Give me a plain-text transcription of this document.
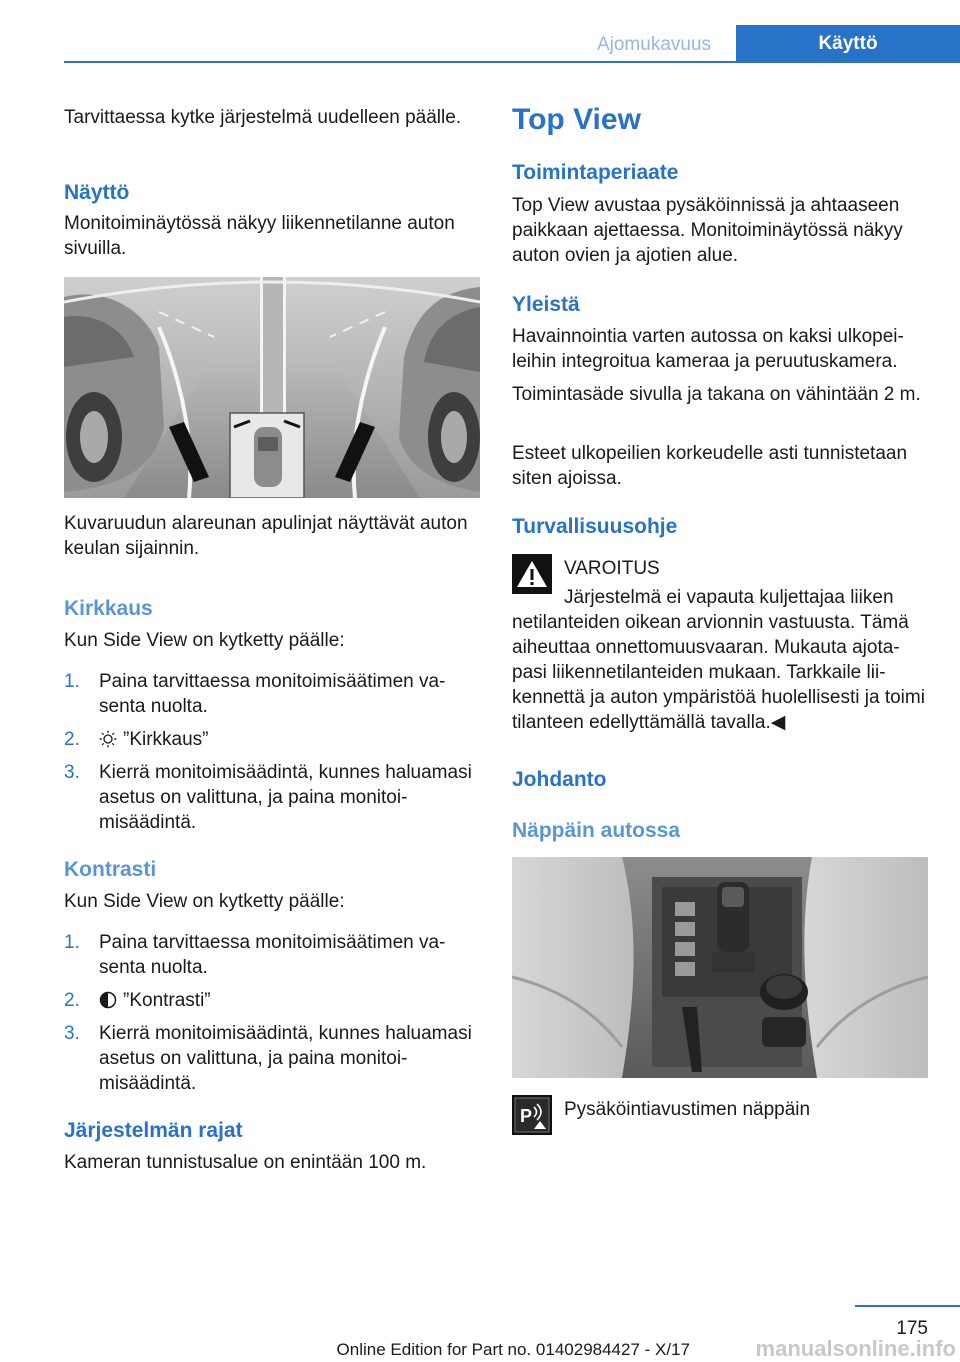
Ajomukavuus	Käyttö
Tarvittaessa kytke järjestelmä uudelleen päälle.
Näyttö
Monitoiminäytössä näkyy liikennetilanne auton sivuilla.
Kuvaruudun alareunan apulinjat näyttävät auton keulan sijainnin.
Kirkkaus
Kun Side View on kytketty päälle:
1. Paina tarvittaessa monitoimisäätimen vasenta nuolta.
2.	”Kirkkaus”
3. Kierrä monitoimisäädintä, kunnes haluamasi asetus on valittuna, ja paina monitoimisäädintä.
Kontrasti
Kun Side View on kytketty päälle:
1. Paina tarvittaessa monitoimisäätimen vasenta nuolta.
2.	”Kontrasti”
3. Kierrä monitoimisäädintä, kunnes haluamasi asetus on valittuna, ja paina monitoimisäädintä.
Järjestelmän rajat
Kameran tunnistusalue on enintään 100 m.
Top View
Toimintaperiaate
Top View avustaa pysäköinnissä ja ahtaaseen paikkaan ajettaessa. Monitoiminäytössä näkyy auton ovien ja ajotien alue.
Yleistä
Havainnointia varten autossa on kaksi ulkopeileihin integroitua kameraa ja peruutuskamera.
Toimintasäde sivulla ja takana on vähintään 2 m.
Esteet ulkopeilien korkeudelle asti tunnistetaan siten ajoissa.
Turvallisuusohje
VAROITUS
Järjestelmä ei vapauta kuljettajaa liiken
netilanteiden oikean arvionnin vastuusta. Tämä aiheuttaa onnettomuusvaaran. Mukauta ajotapasi liikennetilanteiden mukaan. Tarkkaile liikennettä ja auton ympäristöä huolellisesti ja toimi tilanteen edellyttämällä tavalla.◀
Johdanto
Näppäin autossa
P Pysäköintiavustimen näppäin
175
Online Edition for Part no. 01402984427 - X/17	manualsonline.info
